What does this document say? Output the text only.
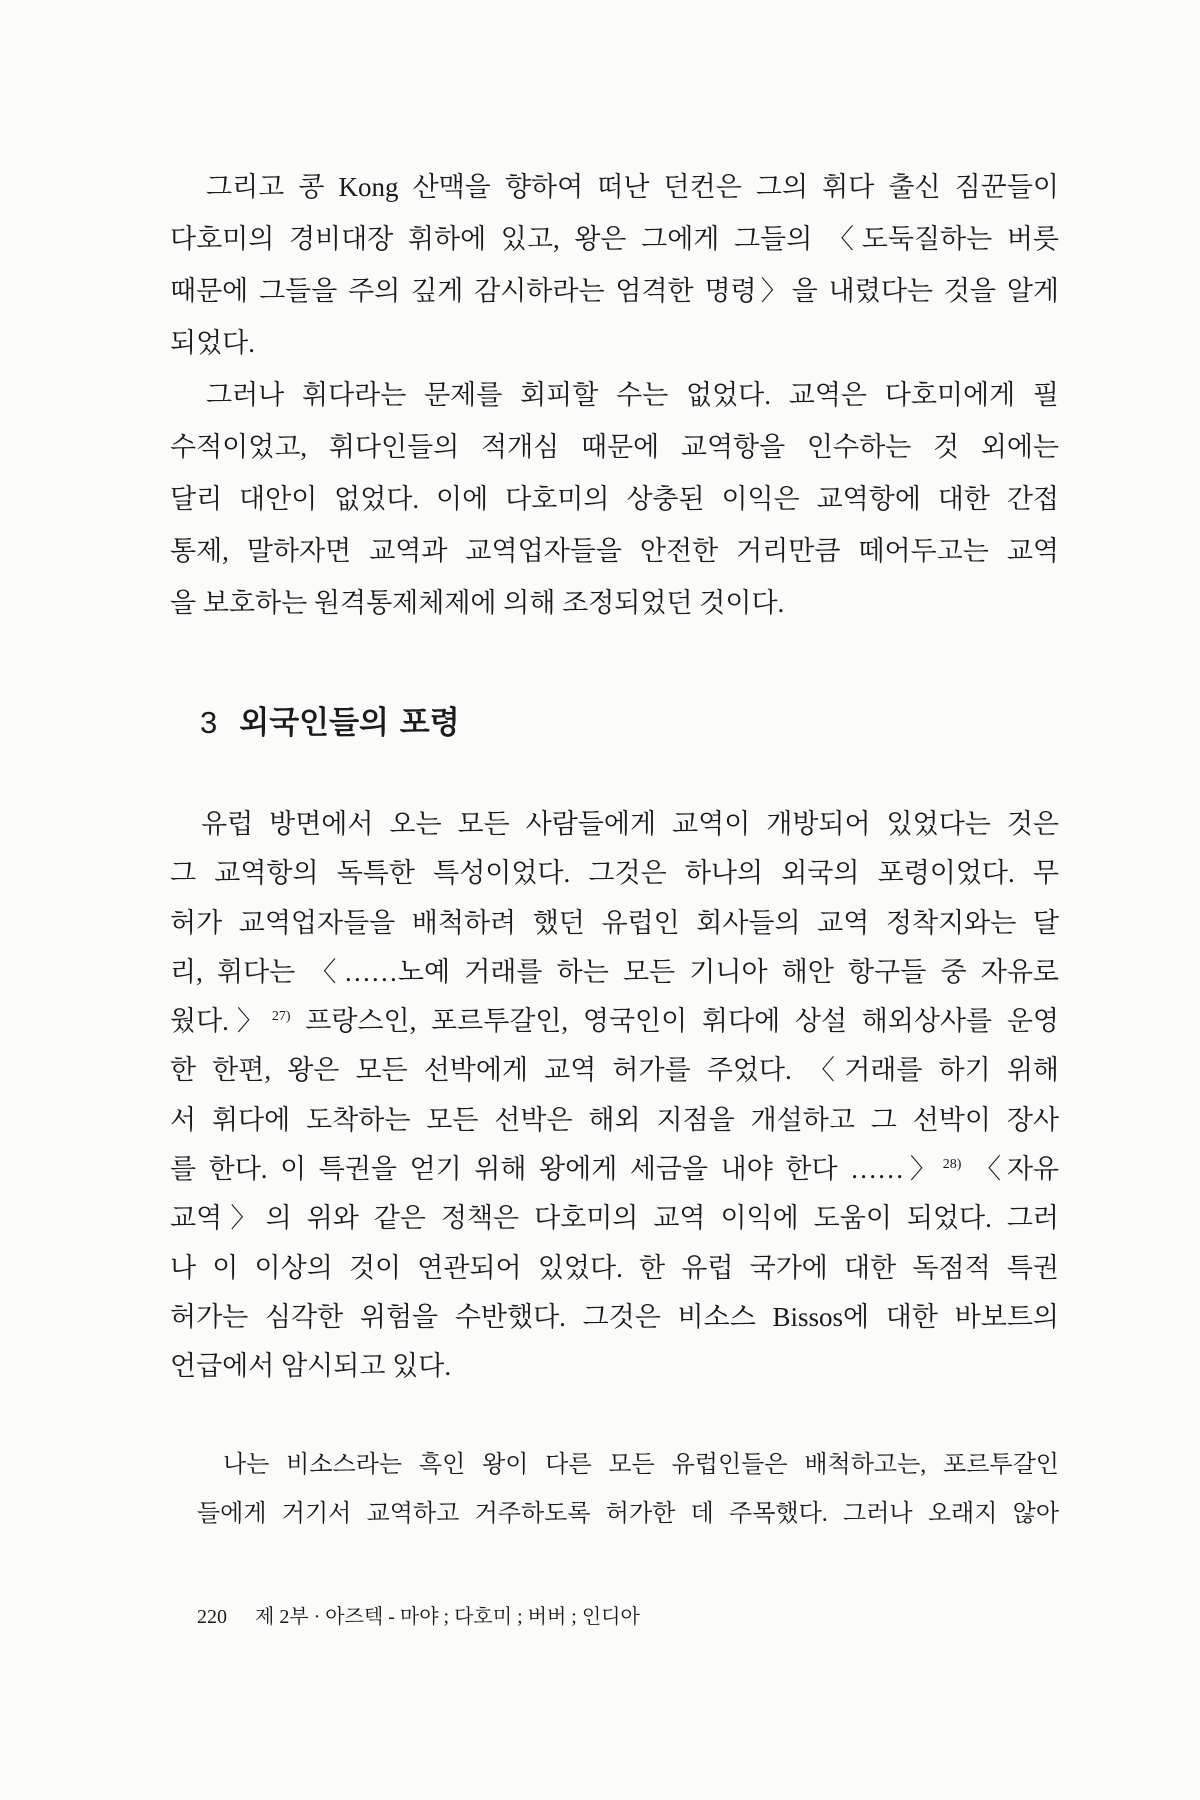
그리고 콩 Kong 산맥을 향하여 떠난 던컨은 그의 휘다 출신 짐꾼들이
다호미의 경비대장 휘하에 있고, 왕은 그에게 그들의 〈도둑질하는 버릇
때문에 그들을 주의 깊게 감시하라는 엄격한 명령〉을 내렸다는 것을 알게
되었다.
그러나 휘다라는 문제를 회피할 수는 없었다. 교역은 다호미에게 필
수적이었고, 휘다인들의 적개심 때문에 교역항을 인수하는 것 외에는
달리 대안이 없었다. 이에 다호미의 상충된 이익은 교역항에 대한 간접
통제, 말하자면 교역과 교역업자들을 안전한 거리만큼 떼어두고는 교역
을 보호하는 원격통제체제에 의해 조정되었던 것이다.
3 외국인들의 포령
유럽 방면에서 오는 모든 사람들에게 교역이 개방되어 있었다는 것은
그 교역항의 독특한 특성이었다. 그것은 하나의 외국의 포령이었다. 무
허가 교역업자들을 배척하려 했던 유럽인 회사들의 교역 정착지와는 달
리, 휘다는 〈……노예 거래를 하는 모든 기니아 해안 항구들 중 자유로
웠다.〉$^{27)}$ 프랑스인, 포르투갈인, 영국인이 휘다에 상설 해외상사를 운영
한 한편, 왕은 모든 선박에게 교역 허가를 주었다. 〈거래를 하기 위해
서 휘다에 도착하는 모든 선박은 해외 지점을 개설하고 그 선박이 장사
를 한다. 이 특권을 얻기 위해 왕에게 세금을 내야 한다 ……〉$^{28)}$ 〈자유
교역〉의 위와 같은 정책은 다호미의 교역 이익에 도움이 되었다. 그러
나 이 이상의 것이 연관되어 있었다. 한 유럽 국가에 대한 독점적 특권
허가는 심각한 위험을 수반했다. 그것은 비소스 Bissos에 대한 바보트의
언급에서 암시되고 있다.
나는 비소스라는 흑인 왕이 다른 모든 유럽인들은 배척하고는, 포르투갈인
들에게 거기서 교역하고 거주하도록 허가한 데 주목했다. 그러나 오래지 않아
220 제 2부 · 아즈텍 - 마야 ; 다호미 ; 버버 ; 인디아
